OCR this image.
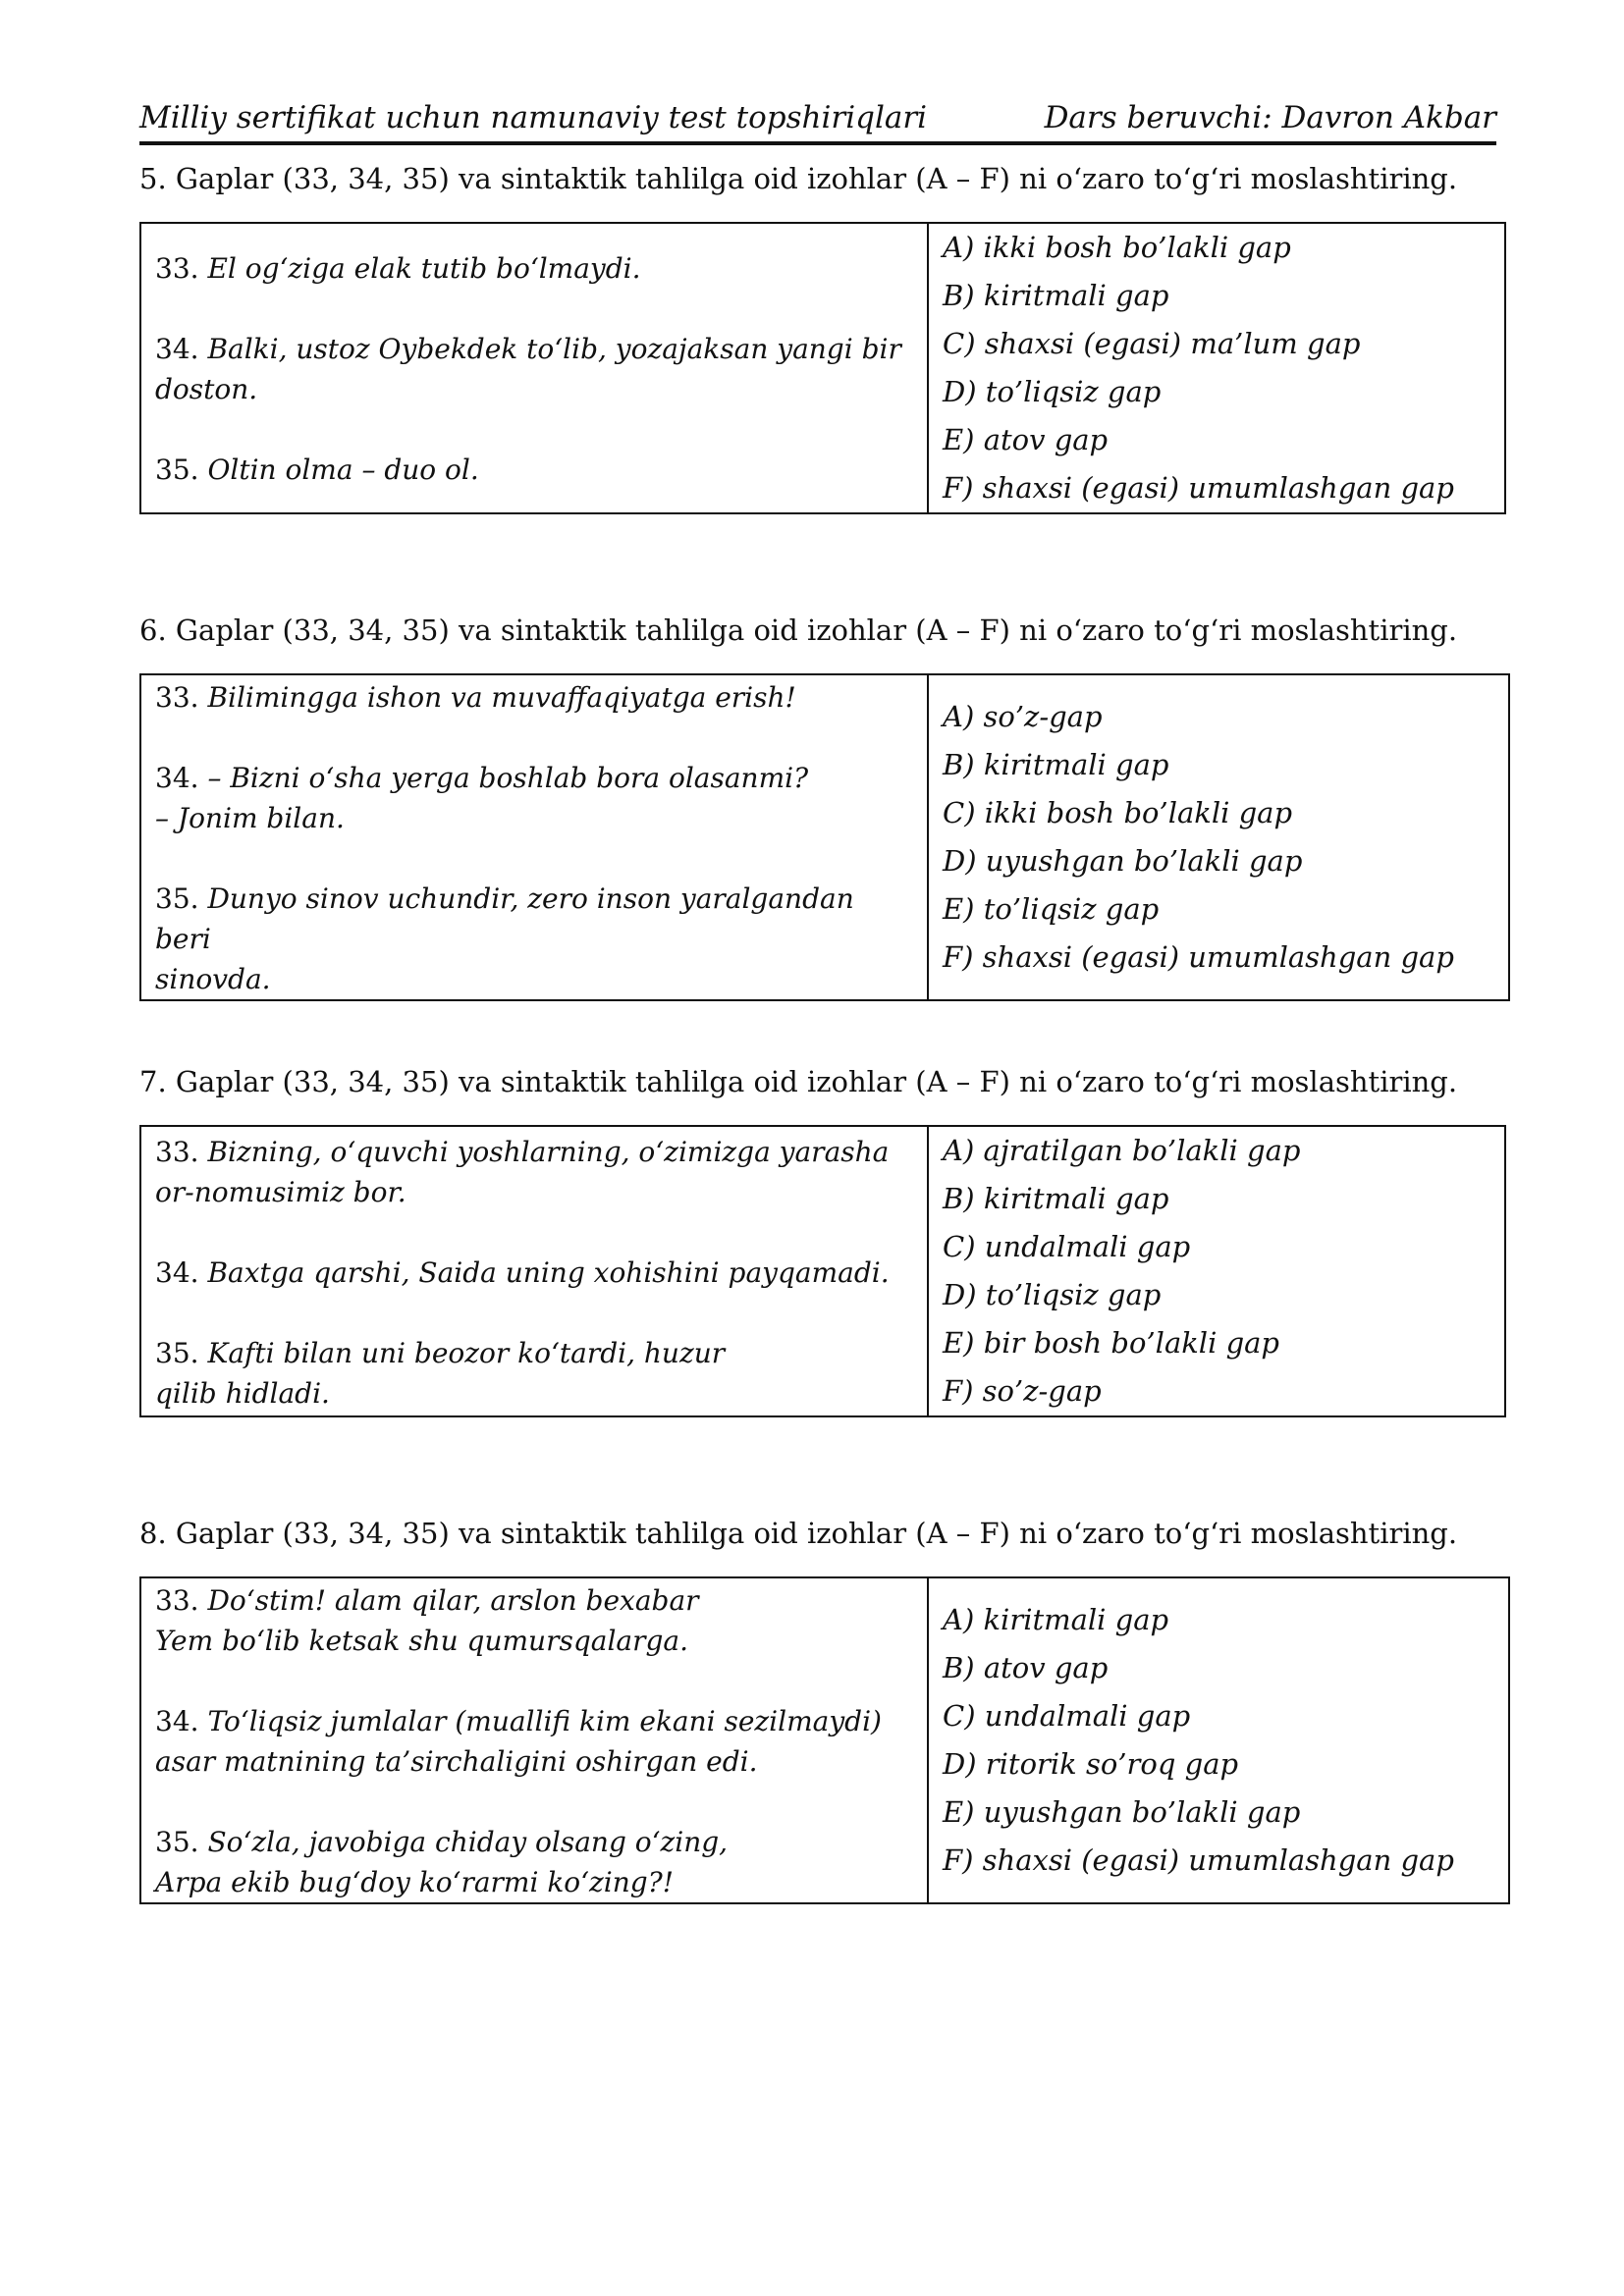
Milliy sertifikat uchun namunaviy test topshiriqlari	Dars beruvchi: Davron Akbar
5. Gaplar (33, 34, 35) va sintaktik tahlilga oid izohlar (A – F) ni o‘zaro to‘g‘ri moslashtiring.
33. El og‘ziga elak tutib bo‘lmaydi.
34. Balki, ustoz Oybekdek to‘lib, yozajaksan yangi bir
doston.
35. Oltin olma – duo ol.

A) ikki bosh bo’lakli gap
B) kiritmali gap
C) shaxsi (egasi) ma’lum gap
D) to’liqsiz gap
E) atov gap
F) shaxsi (egasi) umumlashgan gap
6. Gaplar (33, 34, 35) va sintaktik tahlilga oid izohlar (A – F) ni o‘zaro to‘g‘ri moslashtiring.
33. Bilimingga ishon va muvaffaqiyatga erish!
34. – Bizni o‘sha yerga boshlab bora olasanmi?
– Jonim bilan.
35. Dunyo sinov uchundir, zero inson yaralgandan beri
sinovda.

A) so’z-gap
B) kiritmali gap
C) ikki bosh bo’lakli gap
D) uyushgan bo’lakli gap
E) to’liqsiz gap
F) shaxsi (egasi) umumlashgan gap
7. Gaplar (33, 34, 35) va sintaktik tahlilga oid izohlar (A – F) ni o‘zaro to‘g‘ri moslashtiring.
33. Bizning, o‘quvchi yoshlarning, o‘zimizga yarasha
or-nomusimiz bor.
34. Baxtga qarshi, Saida uning xohishini payqamadi.
35. Kafti bilan uni beozor ko‘tardi, huzur
qilib hidladi.

A) ajratilgan bo’lakli gap
B) kiritmali gap
C) undalmali gap
D) to’liqsiz gap
E) bir bosh bo’lakli gap
F) so’z-gap
8. Gaplar (33, 34, 35) va sintaktik tahlilga oid izohlar (A – F) ni o‘zaro to‘g‘ri moslashtiring.
33. Do‘stim! alam qilar, arslon bexabar
Yem bo‘lib ketsak shu qumursqalarga.
34. To‘liqsiz jumlalar (muallifi kim ekani sezilmaydi)
asar matnining ta’sirchaligini oshirgan edi.
35. So‘zla, javobiga chiday olsang o‘zing,
Arpa ekib bug‘doy ko‘rarmi ko‘zing?!

A) kiritmali gap
B) atov gap
C) undalmali gap
D) ritorik so’roq gap
E) uyushgan bo’lakli gap
F) shaxsi (egasi) umumlashgan gap
